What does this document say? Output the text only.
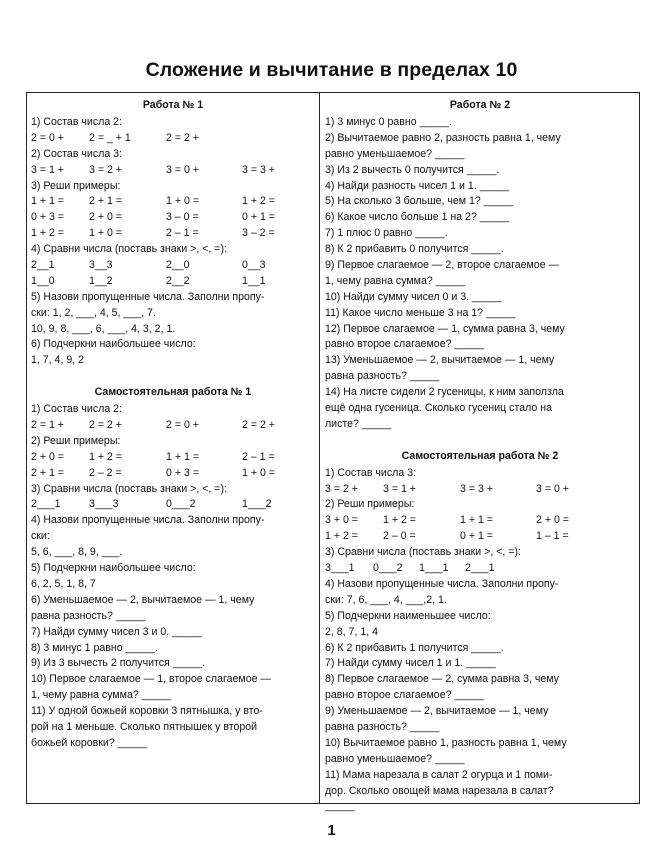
Сложение и вычитание в пределах 10
Работа № 1
1) Состав числа 2:
2 = 0 +	2 = _ + 1	2 = 2 +
2) Состав числа 3:
3 = 1 +	3 = 2 +	3 = 0 +	3 = 3 +
3) Реши примеры:
1 + 1 =	2 + 1 =	1 + 0 =	1 + 2 =
0 + 3 =	2 + 0 =	3 – 0 =	0 + 1 =
1 + 2 =	1 + 0 =	2 – 1 =	3 – 2 =
4) Сравни числа (поставь знаки >, <, =):
2__1	3__3	2__0	0__3
1__0	1__2	2__2	1__1
5) Назови пропущенные числа. Заполни пропу-
ски: 1, 2, ___, 4, 5, ___, 7.
10, 9, 8, ___, 6, ___, 4, 3, 2, 1.
6) Подчеркни наибольшее число:
1, 7, 4, 9, 2
Самостоятельная работа № 1
1) Состав числа 2:
2 = 1 +	2 = 2 +	2 = 0 +	2 = 2 +
2) Реши примеры:
2 + 0 =	1 + 2 =	1 + 1 =	2 – 1 =
2 + 1 =	2 – 2 =	0 + 3 =	1 + 0 =
3) Сравни числа (поставь знаки >, <, =):
2___1	3___3	0___2	1___2
4) Назови пропущенные числа. Заполни пропу-
ски:
5, 6, ___, 8, 9, ___.
5) Подчеркни наибольшее число:
6, 2, 5, 1, 8, 7
6) Уменьшаемое — 2, вычитаемое — 1, чему
равна разность? _____
7) Найди сумму чисел 3 и 0. _____
8) 3 минус 1 равно _____.
9) Из 3 вычесть 2 получится _____.
10) Первое слагаемое — 1, второе слагаемое —
1, чему равна сумма? _____
11) У одной божьей коровки 3 пятнышка, у вто-
рой на 1 меньше. Сколько пятнышек у второй
божьей коровки? _____
Работа № 2
1) 3 минус 0 равно _____.
2) Вычитаемое равно 2, разность равна 1, чему
равно уменьшаемое? _____
3) Из 2 вычесть 0 получится _____.
4) Найди разность чисел 1 и 1. _____
5) На сколько 3 больше, чем 1? _____
6) Какое число больше 1 на 2? _____
7) 1 плюс 0 равно _____.
8) К 2 прибавить 0 получится _____.
9) Первое слагаемое — 2, второе слагаемое —
1, чему равна сумма? _____
10) Найди сумму чисел 0 и 3. _____
11) Какое число меньше 3 на 1? _____
12) Первое слагаемое — 1, сумма равна 3, чему
равно второе слагаемое? _____
13) Уменьшаемое — 2, вычитаемое — 1, чему
равна разность? _____
14) На листе сидели 2 гусеницы, к ним заползла
ещё одна гусеница. Сколько гусениц стало на
листе? _____
Самостоятельная работа № 2
1) Состав числа 3:
3 = 2 +	3 = 1 +	3 = 3 +	3 = 0 +
2) Реши примеры:
3 + 0 =	1 + 2 =	1 + 1 =	2 + 0 =
1 + 2 =	2 – 0 =	0 + 1 =	1 – 1 =
3) Сравни числа (поставь знаки >, <, =):
3___1	0___2	1___1	2___1
4) Назови пропущенные числа. Заполни пропу-
ски: 7, 6, ___, 4, ___,2, 1.
5) Подчеркни наименьшее число:
2, 8, 7, 1, 4
6) К 2 прибавить 1 получится _____.
7) Найди сумму чисел 1 и 1. _____
8) Первое слагаемое — 2, сумма равна 3, чему
равно второе слагаемое? _____
9) Уменьшаемое — 2, вычитаемое — 1, чему
равна разность? _____
10) Вычитаемое равно 1, разность равна 1, чему
равно уменьшаемое? _____
11) Мама нарезала в салат 2 огурца и 1 поми-
дор. Сколько овощей мама нарезала в салат?
_____
1
